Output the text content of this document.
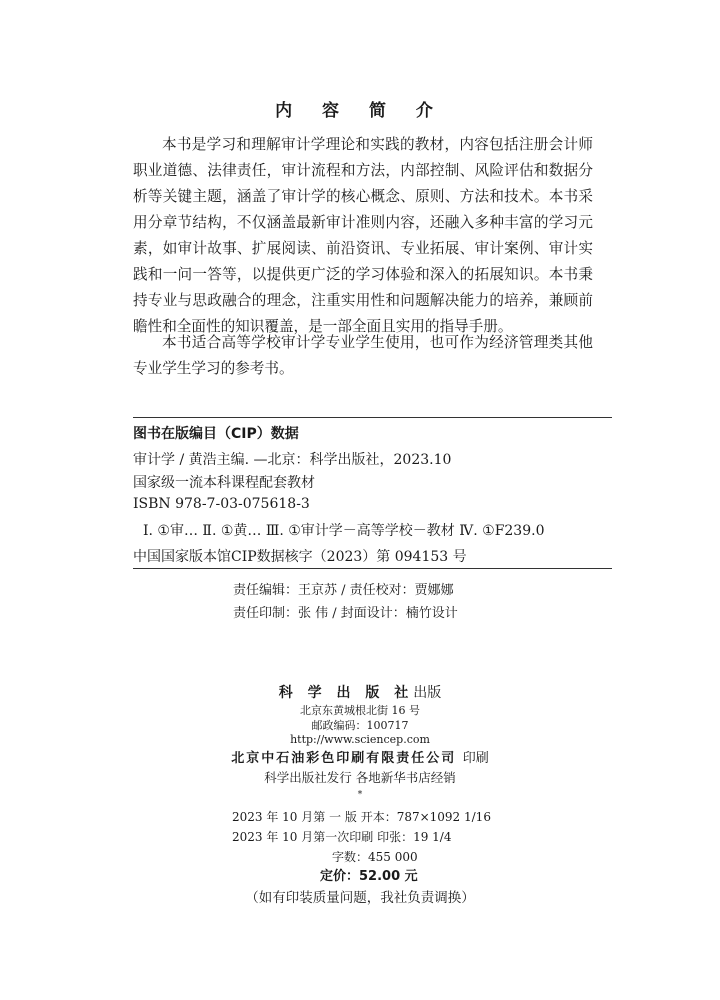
内 容 简 介

本书是学习和理解审计学理论和实践的教材，内容包括注册会计师职业道德、法律责任，审计流程和方法，内部控制、风险评估和数据分析等关键主题，涵盖了审计学的核心概念、原则、方法和技术。本书采用分章节结构，不仅涵盖最新审计准则内容，还融入多种丰富的学习元素，如审计故事、扩展阅读、前沿资讯、专业拓展、审计案例、审计实践和一问一答等，以提供更广泛的学习体验和深入的拓展知识。本书秉持专业与思政融合的理念，注重实用性和问题解决能力的培养，兼顾前瞻性和全面性的知识覆盖，是一部全面且实用的指导手册。

本书适合高等学校审计学专业学生使用，也可作为经济管理类其他专业学生学习的参考书。

图书在版编目（CIP）数据
审计学 / 黄浩主编. —北京：科学出版社，2023.10
国家级一流本科课程配套教材
ISBN 978-7-03-075618-3
Ⅰ. ①审… Ⅱ. ①黄… Ⅲ. ①审计学－高等学校－教材 Ⅳ. ①F239.0
中国国家版本馆CIP数据核字（2023）第 094153 号
责任编辑：王京苏 / 责任校对：贾娜娜
责任印制：张 伟 / 封面设计：楠竹设计
科 学 出 版 社出版
北京东黄城根北街 16 号
邮政编码：100717
http://www.sciencep.com
北京中石油彩色印刷有限责任公司 印刷
科学出版社发行 各地新华书店经销
*
2023 年 10 月第 一 版 开本：787×1092 1/16
2023 年 10 月第一次印刷 印张：19 1/4
字数：455 000
定价：52.00 元
（如有印装质量问题，我社负责调换）
